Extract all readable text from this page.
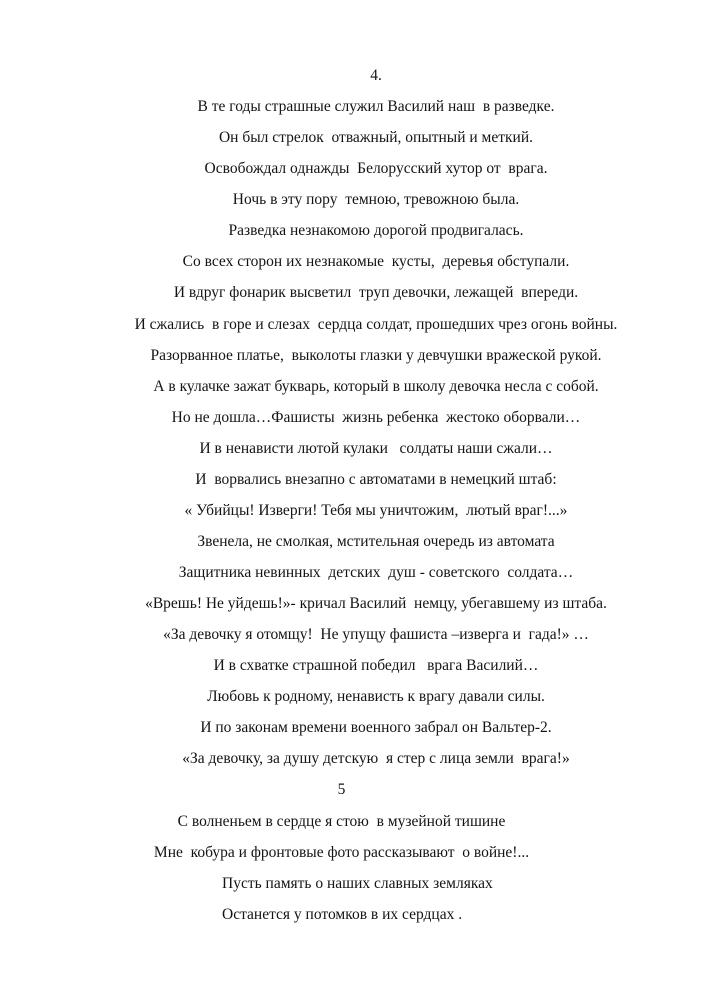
4.

В те годы страшные служил Василий наш  в разведке.

Он был стрелок  отважный, опытный и меткий.

Освобождал однажды  Белорусский хутор от  врага.

Ночь в эту пору  темною, тревожною была.

Разведка незнакомою дорогой продвигалась.

Со всех сторон их незнакомые  кусты,  деревья обступали.

И вдруг фонарик высветил  труп девочки, лежащей  впереди.

И сжались  в горе и слезах  сердца солдат, прошедших чрез огонь войны.

Разорванное платье,  выколоты глазки у девчушки вражеской рукой.

А в кулачке зажат букварь, который в школу девочка несла с собой.

Но не дошла…Фашисты  жизнь ребенка  жестоко оборвали…

И в ненависти лютой кулаки   солдаты наши сжали…

И  ворвались внезапно с автоматами в немецкий штаб:

« Убийцы! Изверги! Тебя мы уничтожим,  лютый враг!...»

Звенела, не смолкая, мстительная очередь из автомата

Защитника невинных  детских  душ - советского  солдата…

«Врешь! Не уйдешь!»- кричал Василий  немцу, убегавшему из штаба.

«За девочку я отомщу!  Не упущу фашиста –изверга и  гада!» …

И в схватке страшной победил   врага Василий…

Любовь к родному, ненависть к врагу давали силы.

И по законам времени военного забрал он Вальтер-2.

«За девочку, за душу детскую  я стер с лица земли  врага!»

5

С волненьем в сердце я стою  в музейной тишине

Мне  кобура и фронтовые фото рассказывают  о войне!...

Пусть память о наших славных земляках

Останется у потомков в их сердцах .
